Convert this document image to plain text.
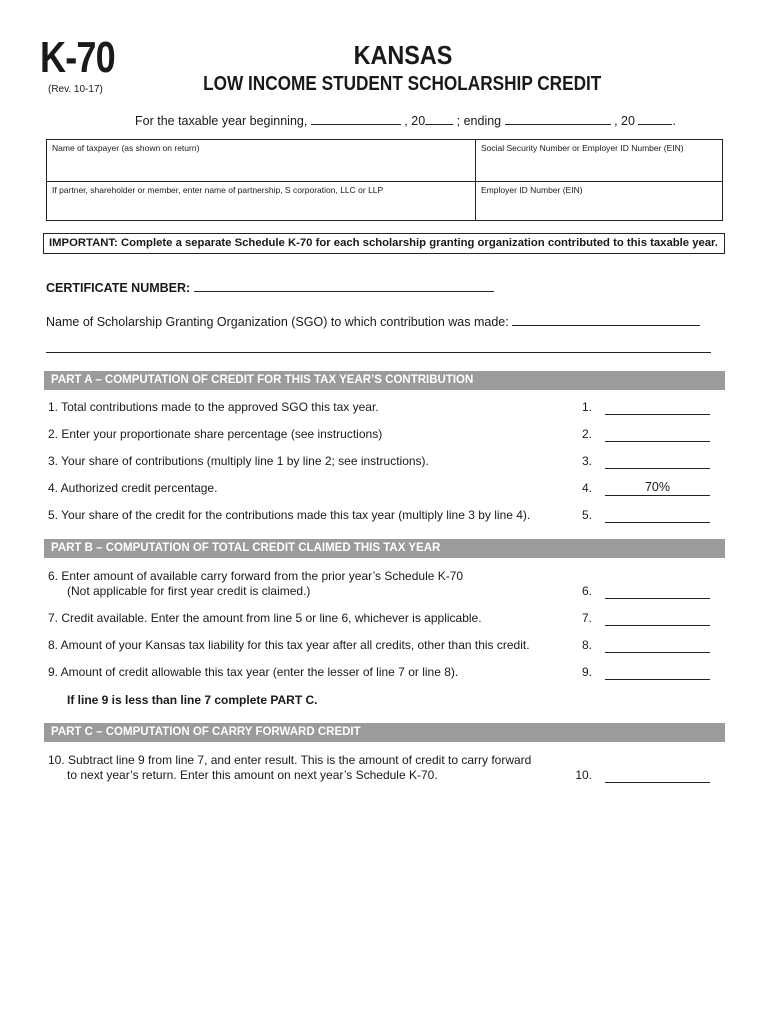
K-70
(Rev. 10-17)
KANSAS
LOW INCOME STUDENT SCHOLARSHIP CREDIT
For the taxable year beginning,	, 20	; ending	, 20	.
Name of taxpayer (as shown on return)	Social Security Number or Employer ID Number (EIN)
If partner, shareholder or member, enter name of partnership, S corporation, LLC or LLP	Employer ID Number (EIN)
IMPORTANT: Complete a separate Schedule K-70 for each scholarship granting organization contributed to this taxable year.
CERTIFICATE NUMBER:
Name of Scholarship Granting Organization (SGO) to which contribution was made:
PART A – COMPUTATION OF CREDIT FOR THIS TAX YEAR’S CONTRIBUTION
1. Total contributions made to the approved SGO this tax year.	1.
2. Enter your proportionate share percentage (see instructions)	2.
3. Your share of contributions (multiply line 1 by line 2; see instructions).	3.
4. Authorized credit percentage.	4.	70%
5. Your share of the credit for the contributions made this tax year (multiply line 3 by line 4).	5.
PART B – COMPUTATION OF TOTAL CREDIT CLAIMED THIS TAX YEAR
6. Enter amount of available carry forward from the prior year’s Schedule K-70
(Not applicable for first year credit is claimed.)	6.
7. Credit available. Enter the amount from line 5 or line 6, whichever is applicable.	7.
8. Amount of your Kansas tax liability for this tax year after all credits, other than this credit.	8.
9. Amount of credit allowable this tax year (enter the lesser of line 7 or line 8).	9.
If line 9 is less than line 7 complete PART C.
PART C – COMPUTATION OF CARRY FORWARD CREDIT
10. Subtract line 9 from line 7, and enter result. This is the amount of credit to carry forward
to next year’s return. Enter this amount on next year’s Schedule K-70.	10.
